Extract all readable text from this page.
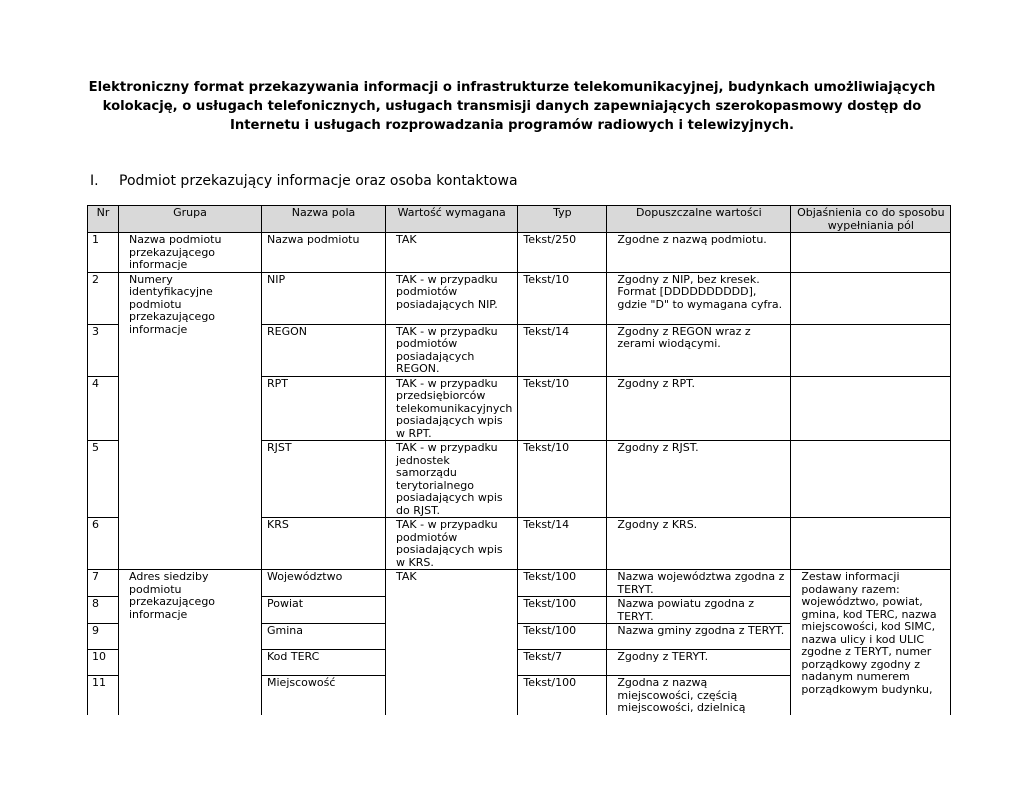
Elektroniczny format przekazywania informacji o infrastrukturze telekomunikacyjnej, budynkach umożliwiających
kolokację, o usługach telefonicznych, usługach transmisji danych zapewniających szerokopasmowy dostęp do
Internetu i usługach rozprowadzania programów radiowych i telewizyjnych.
I. Podmiot przekazujący informacje oraz osoba kontaktowa
Nr	Grupa	Nazwa pola	Wartość wymagana	Typ	Dopuszczalne wartości	Objaśnienia co do sposobu wypełniania pól
1	Nazwa podmiotu przekazującego informacje	Nazwa podmiotu	TAK	Tekst/250	Zgodne z nazwą podmiotu.	
2	Numery identyfikacyjne podmiotu przekazującego informacje	NIP	TAK - w przypadku podmiotów posiadających NIP.	Tekst/10	Zgodny z NIP, bez kresek. Format [DDDDDDDDDD], gdzie "D" to wymagana cyfra.	
3		REGON	TAK - w przypadku podmiotów posiadających REGON.	Tekst/14	Zgodny z REGON wraz z zerami wiodącymi.	
4		RPT	TAK - w przypadku przedsiębiorców telekomunikacyjnych posiadających wpis w RPT.	Tekst/10	Zgodny z RPT.	
5		RJST	TAK - w przypadku jednostek samorządu terytorialnego posiadających wpis do RJST.	Tekst/10	Zgodny z RJST.	
6		KRS	TAK - w przypadku podmiotów posiadających wpis w KRS.	Tekst/14	Zgodny z KRS.	
7	Adres siedziby podmiotu przekazującego informacje	Województwo	TAK	Tekst/100	Nazwa województwa zgodna z TERYT.	Zestaw informacji podawany razem: województwo, powiat, gmina, kod TERC, nazwa miejscowości, kod SIMC, nazwa ulicy i kod ULIC zgodne z TERYT, numer porządkowy zgodny z nadanym numerem porządkowym budynku,
8		Powiat		Tekst/100	Nazwa powiatu zgodna z TERYT.	
9		Gmina		Tekst/100	Nazwa gminy zgodna z TERYT.	
10		Kod TERC		Tekst/7	Zgodny z TERYT.	
11		Miejscowość		Tekst/100	Zgodna z nazwą miejscowości, częścią miejscowości, dzielnicą	
